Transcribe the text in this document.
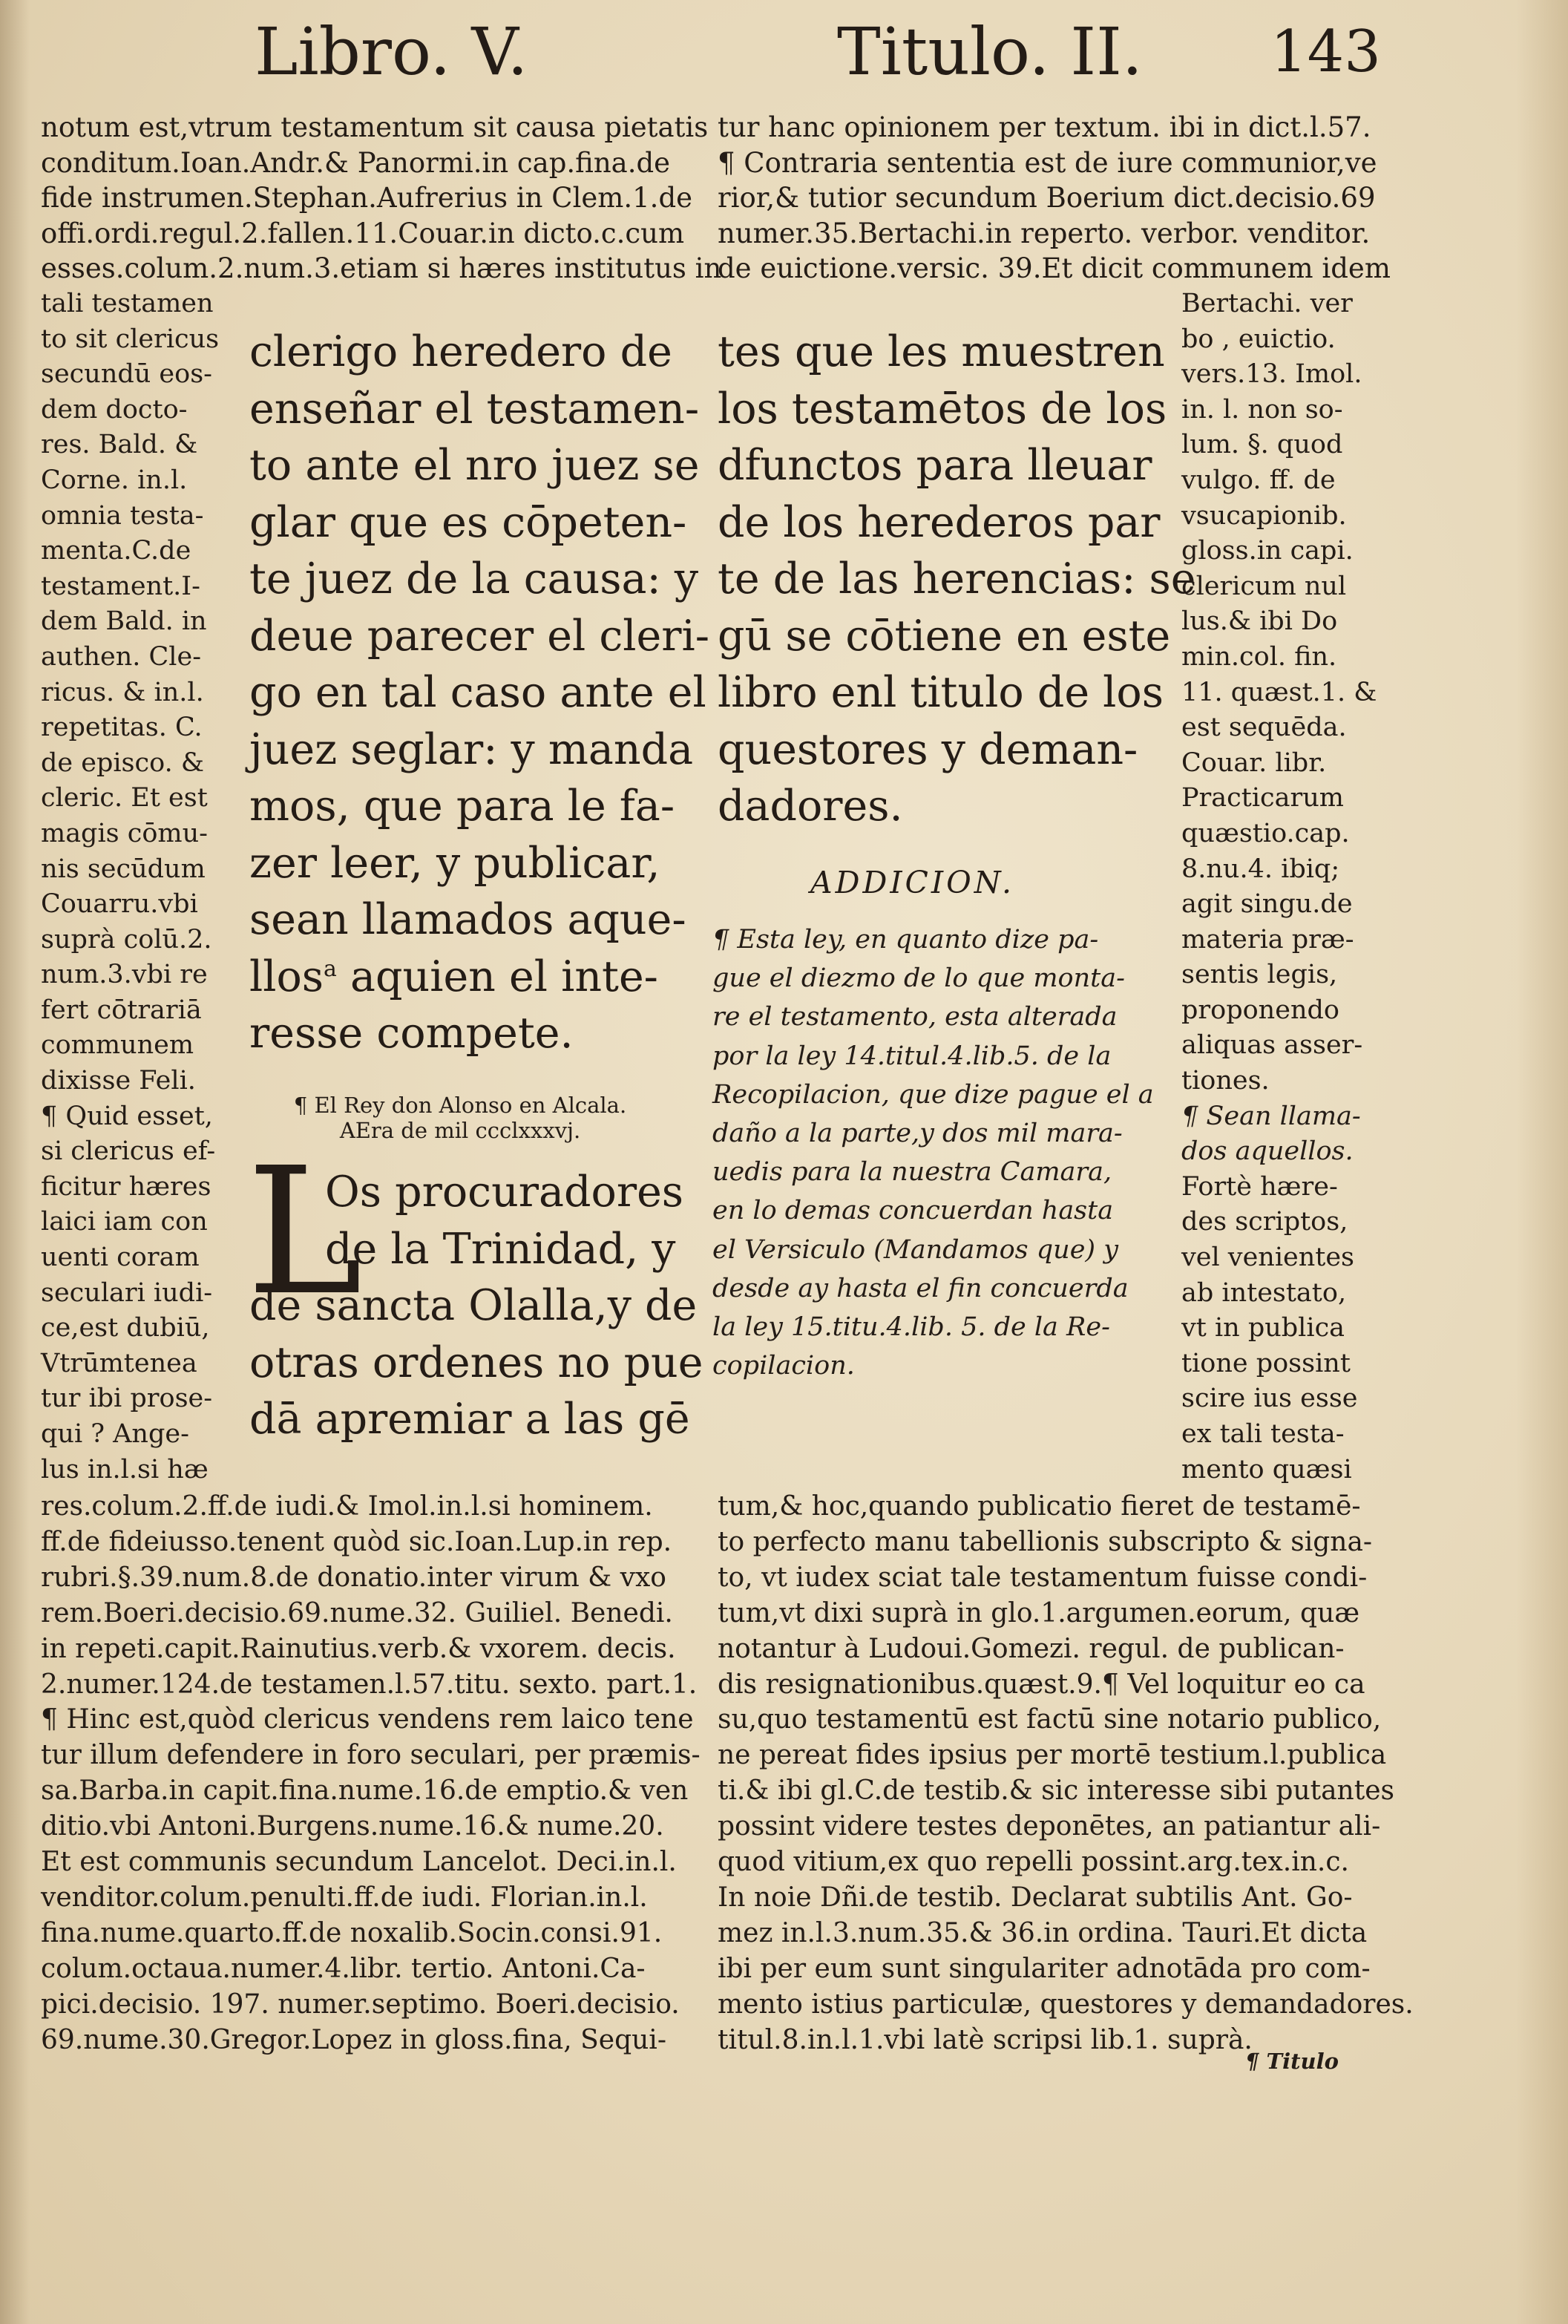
Libro. V.	Titulo. II. 143
notum est,vtrum testamentum sit causa pietatis
conditum.Ioan.Andr.& Panormi.in cap.fina.de
fide instrumen.Stephan.Aufrerius in Clem.1.de
offi.ordi.regul.2.fallen.11.Couar.in dicto.c.cum
esses.colum.2.num.3.etiam si hæres institutus in
tali testamen
to sit clericus
secundū eos-
dem docto-
res. Bald. &
Corne. in.l.
omnia testa-
menta.C.de
testament.I-
dem Bald. in
authen. Cle-
ricus. & in.l.
repetitas. C.
de episco. &
cleric. Et est
magis cōmu-
nis secūdum
Couarru.vbi
suprà colū.2.
num.3.vbi re
fert cōtrariā
communem
dixisse Feli.
¶ Quid esset,
si clericus ef-
ficitur hæres
laici iam con
uenti coram
seculari iudi-
ce,est dubiū,
Vtrūmtenea
tur ibi prose-
qui ? Ange-
lus in.l.si hæ
clerigo heredero de
enseñar el testamen-
to ante el nro juez se
glar que es cōpeten-
te juez de la causa: y
deue parecer el cleri-
go en tal caso ante el
juez seglar: y manda
mos, que para le fa-
zer leer, y publicar,
sean llamados aque-
llos$^a$ aquien el inte-
resse compete.
¶ El Rey don Alonso en Alcala.
AEra de mil ccclxxxvj.
L
Os procuradores
de la Trinidad, y
de sancta Olalla,y de
otras ordenes no pue
dā apremiar a las gē
res.colum.2.ff.de iudi.& Imol.in.l.si hominem.
ff.de fideiusso.tenent quòd sic.Ioan.Lup.in rep.
rubri.§.39.num.8.de donatio.inter virum & vxo
rem.Boeri.decisio.69.nume.32. Guiliel. Benedi.
in repeti.capit.Rainutius.verb.& vxorem. decis.
2.numer.124.de testamen.l.57.titu. sexto. part.1.
¶ Hinc est,quòd clericus vendens rem laico tene
tur illum defendere in foro seculari, per præmis-
sa.Barba.in capit.fina.nume.16.de emptio.& ven
ditio.vbi Antoni.Burgens.nume.16.& nume.20.
Et est communis secundum Lancelot. Deci.in.l.
venditor.colum.penulti.ff.de iudi. Florian.in.l.
fina.nume.quarto.ff.de noxalib.Socin.consi.91.
colum.octaua.numer.4.libr. tertio. Antoni.Ca-
pici.decisio. 197. numer.septimo. Boeri.decisio.
69.nume.30.Gregor.Lopez in gloss.fina, Sequi-
tur hanc opinionem per textum. ibi in dict.l.57.
¶ Contraria sententia est de iure communior,ve
rior,& tutior secundum Boerium dict.decisio.69
numer.35.Bertachi.in reperto. verbor. venditor.
de euictione.versic. 39.Et dicit communem idem
tes que les muestren
los testamētos de los
dfunctos para lleuar
de los herederos par
te de las herencias: se
gū se cōtiene en este
libro enl titulo de los
questores y deman-
dadores.
Bertachi. ver
bo , euictio.
vers.13. Imol.
in. l. non so-
lum. §. quod
vulgo. ff. de
vsucapionib.
gloss.in capi.
clericum nul
lus.& ibi Do
min.col. fin.
11. quæst.1. &
est sequēda.
Couar. libr.
Practicarum
quæstio.cap.
8.nu.4. ibiq;
agit singu.de
materia præ-
sentis legis,
proponendo
aliquas asser-
tiones.
¶ Sean llama-
dos aquellos.
Fortè hære-
des scriptos,
vel venientes
ab intestato,
vt in publica
tione possint
scire ius esse
ex tali testa-
mento quæsi
ADDICION.
¶ Esta ley, en quanto dize pa-
gue el diezmo de lo que monta-
re el testamento, esta alterada
por la ley 14.titul.4.lib.5. de la
Recopilacion, que dize pague el a
daño a la parte,y dos mil mara-
uedis para la nuestra Camara,
en lo demas concuerdan hasta
el Versiculo (Mandamos que) y
desde ay hasta el fin concuerda
la ley 15.titu.4.lib. 5. de la Re-
copilacion.
tum,& hoc,quando publicatio fieret de testamē-
to perfecto manu tabellionis subscripto & signa-
to, vt iudex sciat tale testamentum fuisse condi-
tum,vt dixi suprà in glo.1.argumen.eorum, quæ
notantur à Ludoui.Gomezi. regul. de publican-
dis resignationibus.quæst.9.¶ Vel loquitur eo ca
su,quo testamentū est factū sine notario publico,
ne pereat fides ipsius per mortē testium.l.publica
ti.& ibi gl.C.de testib.& sic interesse sibi putantes
possint videre testes deponētes, an patiantur ali-
quod vitium,ex quo repelli possint.arg.tex.in.c.
In noie Dñi.de testib. Declarat subtilis Ant. Go-
mez in.l.3.num.35.& 36.in ordina. Tauri.Et dicta
ibi per eum sunt singulariter adnotāda pro com-
mento istius particulæ, questores y demandadores.
titul.8.in.l.1.vbi latè scripsi lib.1. suprà.
¶ Titulo
